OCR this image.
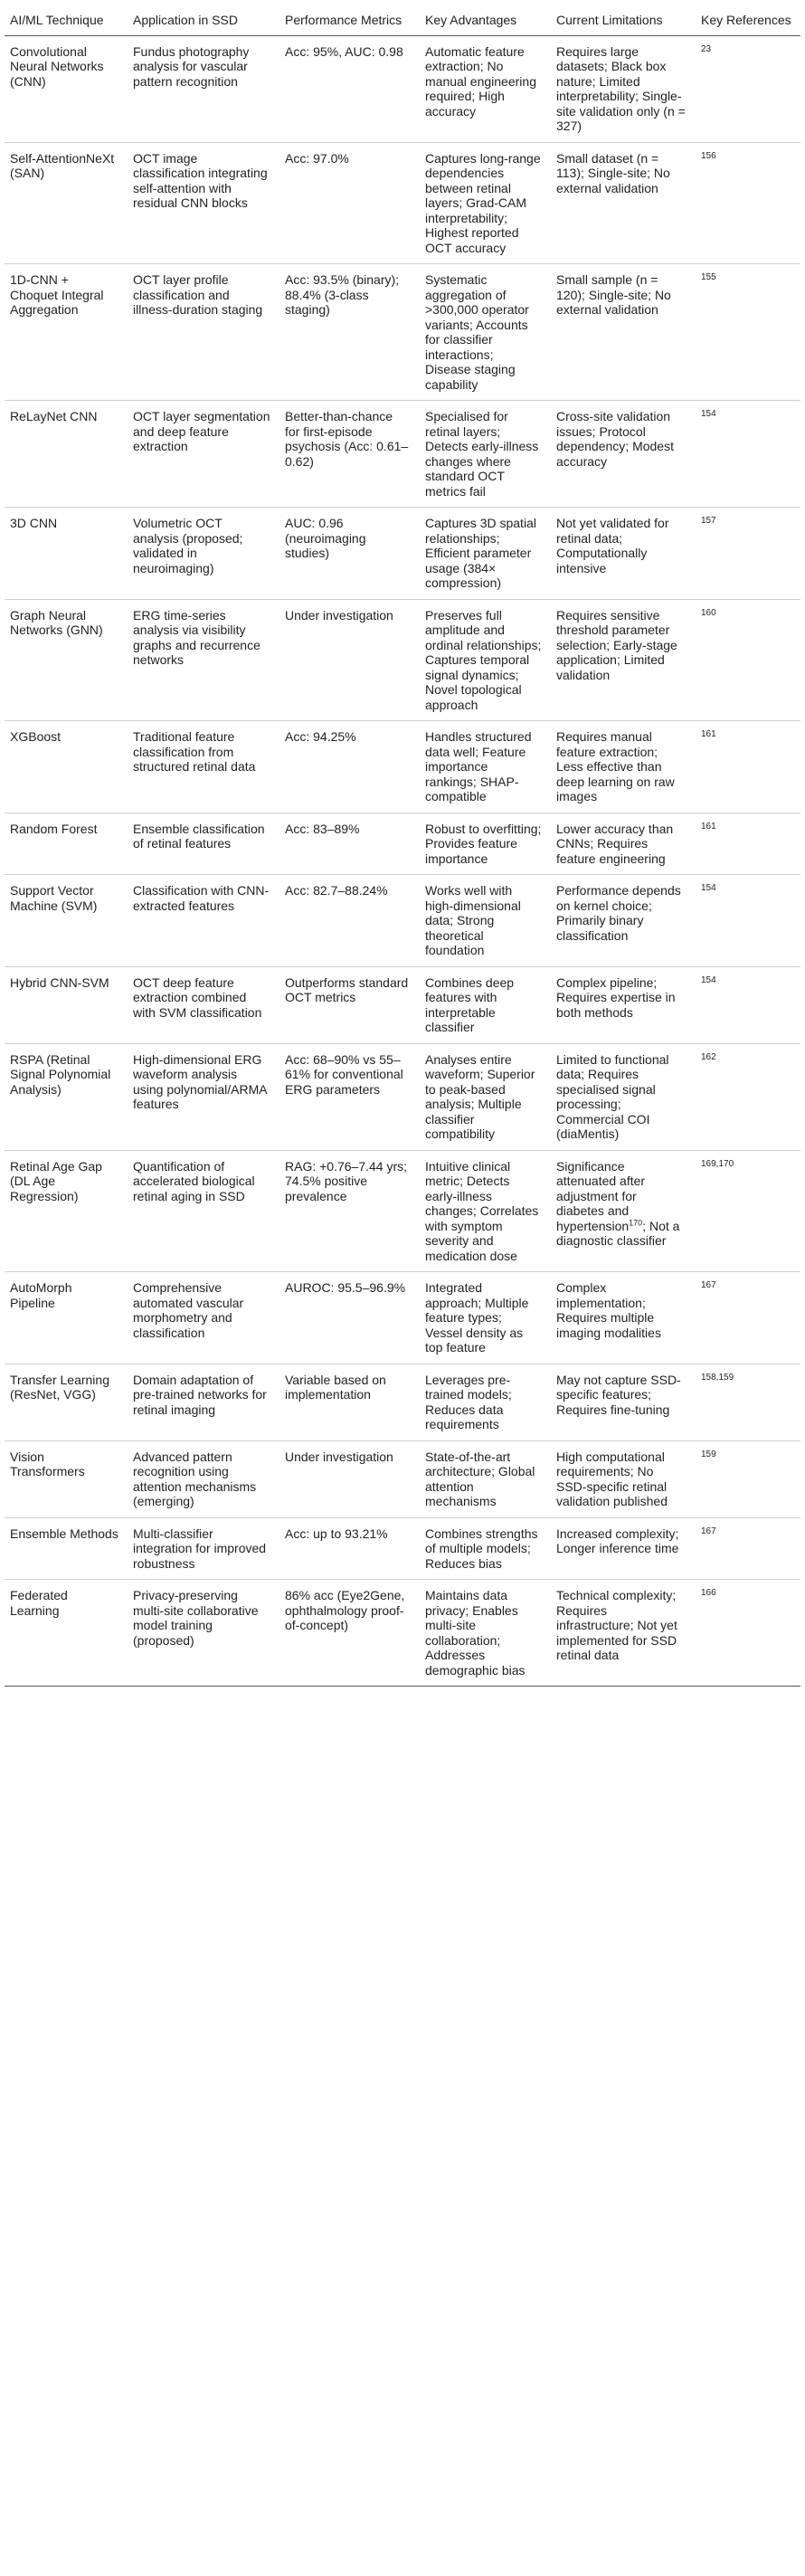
AI/ML Technique	Application in SSD	Performance Metrics	Key Advantages	Current Limitations	Key References
Convolutional Neural Networks (CNN)	Fundus photography analysis for vascular pattern recognition	Acc: 95%, AUC: 0.98	Automatic feature extraction; No manual engineering required; High accuracy	Requires large datasets; Black box nature; Limited interpretability; Single-site validation only (n = 327)	23
Self-AttentionNeXt (SAN)	OCT image classification integrating self-attention with residual CNN blocks	Acc: 97.0%	Captures long-range dependencies between retinal layers; Grad-CAM interpretability; Highest reported OCT accuracy	Small dataset (n = 113); Single-site; No external validation	156
1D-CNN + Choquet Integral Aggregation	OCT layer profile classification and illness-duration staging	Acc: 93.5% (binary); 88.4% (3-class staging)	Systematic aggregation of >300,000 operator variants; Accounts for classifier interactions; Disease staging capability	Small sample (n = 120); Single-site; No external validation	155
ReLayNet CNN	OCT layer segmentation and deep feature extraction	Better-than-chance for first-episode psychosis (Acc: 0.61–0.62)	Specialised for retinal layers; Detects early-illness changes where standard OCT metrics fail	Cross-site validation issues; Protocol dependency; Modest accuracy	154
3D CNN	Volumetric OCT analysis (proposed; validated in neuroimaging)	AUC: 0.96 (neuroimaging studies)	Captures 3D spatial relationships; Efficient parameter usage (384× compression)	Not yet validated for retinal data; Computationally intensive	157
Graph Neural Networks (GNN)	ERG time-series analysis via visibility graphs and recurrence networks	Under investigation	Preserves full amplitude and ordinal relationships; Captures temporal signal dynamics; Novel topological approach	Requires sensitive threshold parameter selection; Early-stage application; Limited validation	160
XGBoost	Traditional feature classification from structured retinal data	Acc: 94.25%	Handles structured data well; Feature importance rankings; SHAP-compatible	Requires manual feature extraction; Less effective than deep learning on raw images	161
Random Forest	Ensemble classification of retinal features	Acc: 83–89%	Robust to overfitting; Provides feature importance	Lower accuracy than CNNs; Requires feature engineering	161
Support Vector Machine (SVM)	Classification with CNN-extracted features	Acc: 82.7–88.24%	Works well with high-dimensional data; Strong theoretical foundation	Performance depends on kernel choice; Primarily binary classification	154
Hybrid CNN-SVM	OCT deep feature extraction combined with SVM classification	Outperforms standard OCT metrics	Combines deep features with interpretable classifier	Complex pipeline; Requires expertise in both methods	154
RSPA (Retinal Signal Polynomial Analysis)	High-dimensional ERG waveform analysis using polynomial/ARMA features	Acc: 68–90% vs 55–61% for conventional ERG parameters	Analyses entire waveform; Superior to peak-based analysis; Multiple classifier compatibility	Limited to functional data; Requires specialised signal processing; Commercial COI (diaMentis)	162
Retinal Age Gap (DL Age Regression)	Quantification of accelerated biological retinal aging in SSD	RAG: +0.76–7.44 yrs; 74.5% positive prevalence	Intuitive clinical metric; Detects early-illness changes; Correlates with symptom severity and medication dose	Significance attenuated after adjustment for diabetes and hypertension$^{170}$; Not a diagnostic classifier	169,170
AutoMorph Pipeline	Comprehensive automated vascular morphometry and classification	AUROC: 95.5–96.9%	Integrated approach; Multiple feature types; Vessel density as top feature	Complex implementation; Requires multiple imaging modalities	167
Transfer Learning (ResNet, VGG)	Domain adaptation of pre-trained networks for retinal imaging	Variable based on implementation	Leverages pre-trained models; Reduces data requirements	May not capture SSD-specific features; Requires fine-tuning	158,159
Vision Transformers	Advanced pattern recognition using attention mechanisms (emerging)	Under investigation	State-of-the-art architecture; Global attention mechanisms	High computational requirements; No SSD-specific retinal validation published	159
Ensemble Methods	Multi-classifier integration for improved robustness	Acc: up to 93.21%	Combines strengths of multiple models; Reduces bias	Increased complexity; Longer inference time	167
Federated Learning	Privacy-preserving multi-site collaborative model training (proposed)	86% acc (Eye2Gene, ophthalmology proof-of-concept)	Maintains data privacy; Enables multi-site collaboration; Addresses demographic bias	Technical complexity; Requires infrastructure; Not yet implemented for SSD retinal data	166
